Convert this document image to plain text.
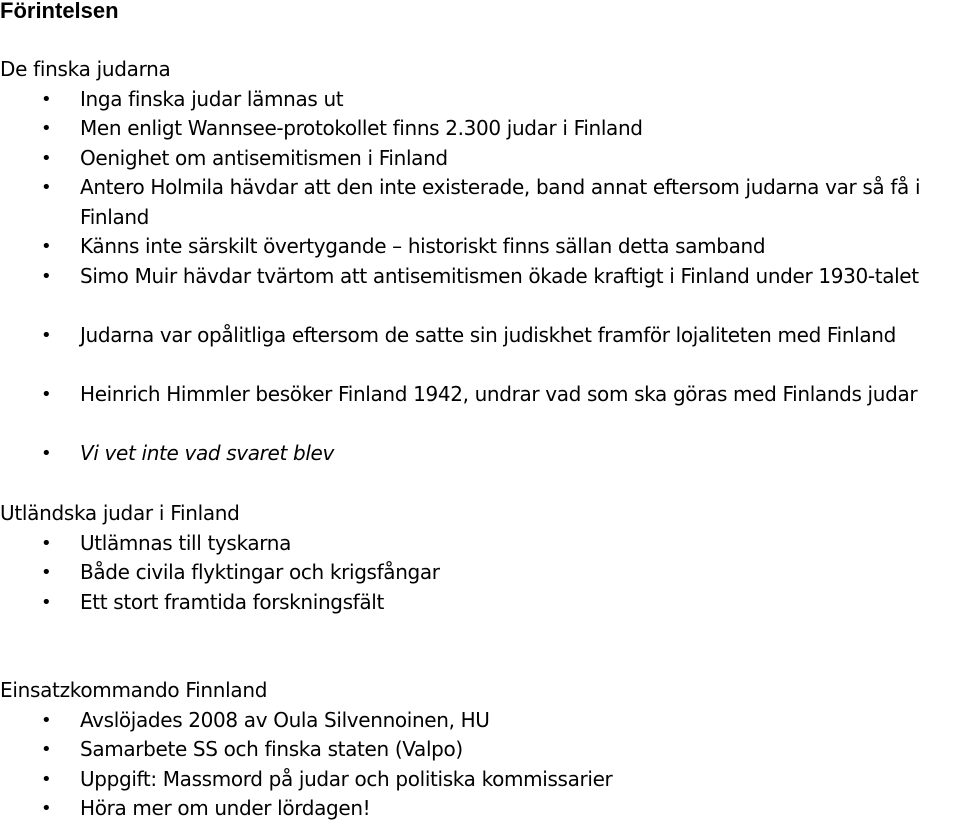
Förintelsen
De finska judarna
• Inga finska judar lämnas ut
• Men enligt Wannsee-protokollet finns 2.300 judar i Finland
• Oenighet om antisemitismen i Finland
• Antero Holmila hävdar att den inte existerade, band annat eftersom judarna var så få i Finland
• Känns inte särskilt övertygande – historiskt finns sällan detta samband
• Simo Muir hävdar tvärtom att antisemitismen ökade kraftigt i Finland under 1930-talet
• Judarna var opålitliga eftersom de satte sin judiskhet framför lojaliteten med Finland
• Heinrich Himmler besöker Finland 1942, undrar vad som ska göras med Finlands judar
• Vi vet inte vad svaret blev
Utländska judar i Finland
• Utlämnas till tyskarna
• Både civila flyktingar och krigsfångar
• Ett stort framtida forskningsfält
Einsatzkommando Finnland
• Avslöjades 2008 av Oula Silvennoinen, HU
• Samarbete SS och finska staten (Valpo)
• Uppgift: Massmord på judar och politiska kommissarier
• Höra mer om under lördagen!
